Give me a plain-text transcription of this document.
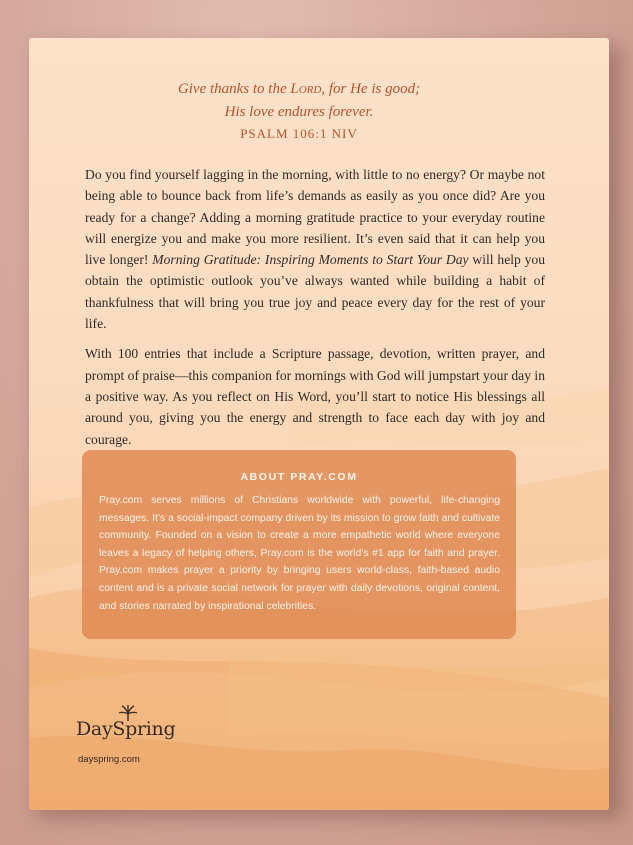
Give thanks to the Lord, for He is good;
His love endures forever.
PSALM 106:1 NIV

Do you find yourself lagging in the morning, with little to no energy? Or maybe not being able to bounce back from life’s demands as easily as you once did? Are you ready for a change? Adding a morning gratitude practice to your everyday routine will energize you and make you more resilient. It’s even said that it can help you live longer! Morning Gratitude: Inspiring Moments to Start Your Day will help you obtain the optimistic outlook you’ve always wanted while building a habit of thankfulness that will bring you true joy and peace every day for the rest of your life.

With 100 entries that include a Scripture passage, devotion, written prayer, and prompt of praise—this companion for mornings with God will jumpstart your day in a positive way. As you reflect on His Word, you’ll start to notice His blessings all around you, giving you the energy and strength to face each day with joy and courage.

ABOUT PRAY.COM
Pray.com serves millions of Christians worldwide with powerful, life-changing messages. It’s a social-impact company driven by its mission to grow faith and cultivate community. Founded on a vision to create a more empathetic world where everyone leaves a legacy of helping others, Pray.com is the world’s #1 app for faith and prayer. Pray.com makes prayer a priority by bringing users world-class, faith-based audio content and is a private social network for prayer with daily devotions, original content, and stories narrated by inspirational celebrities.
DaySpring
dayspring.com
